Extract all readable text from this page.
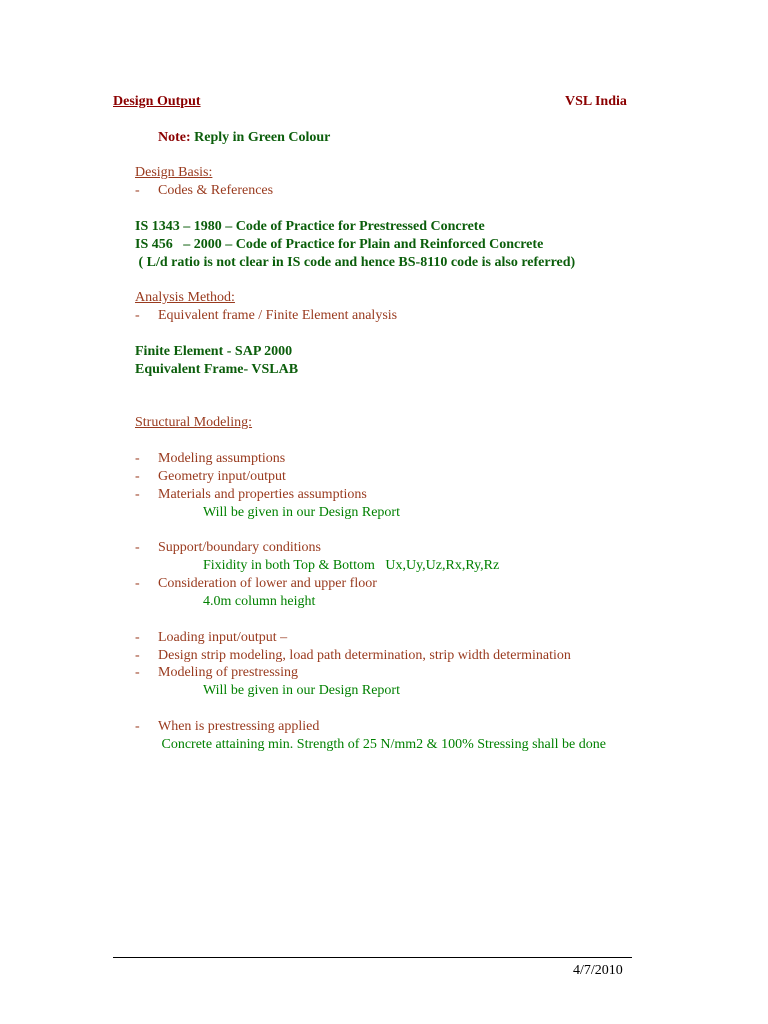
Design Output	VSL India
Note: Reply in Green Colour
Design Basis:
- Codes & References
IS 1343 – 1980 – Code of Practice for Prestressed Concrete
IS 456   – 2000 – Code of Practice for Plain and Reinforced Concrete
( L/d ratio is not clear in IS code and hence BS-8110 code is also referred)
Analysis Method:
- Equivalent frame / Finite Element analysis
Finite Element - SAP 2000
Equivalent Frame- VSLAB
Structural Modeling:
- Modeling assumptions
- Geometry input/output
- Materials and properties assumptions
Will be given in our Design Report
- Support/boundary conditions
Fixidity in both Top & Bottom   Ux,Uy,Uz,Rx,Ry,Rz
- Consideration of lower and upper floor
4.0m column height
- Loading input/output –
- Design strip modeling, load path determination, strip width determination
- Modeling of prestressing
Will be given in our Design Report
- When is prestressing applied
Concrete attaining min. Strength of 25 N/mm2 & 100% Stressing shall be done
4/7/2010
